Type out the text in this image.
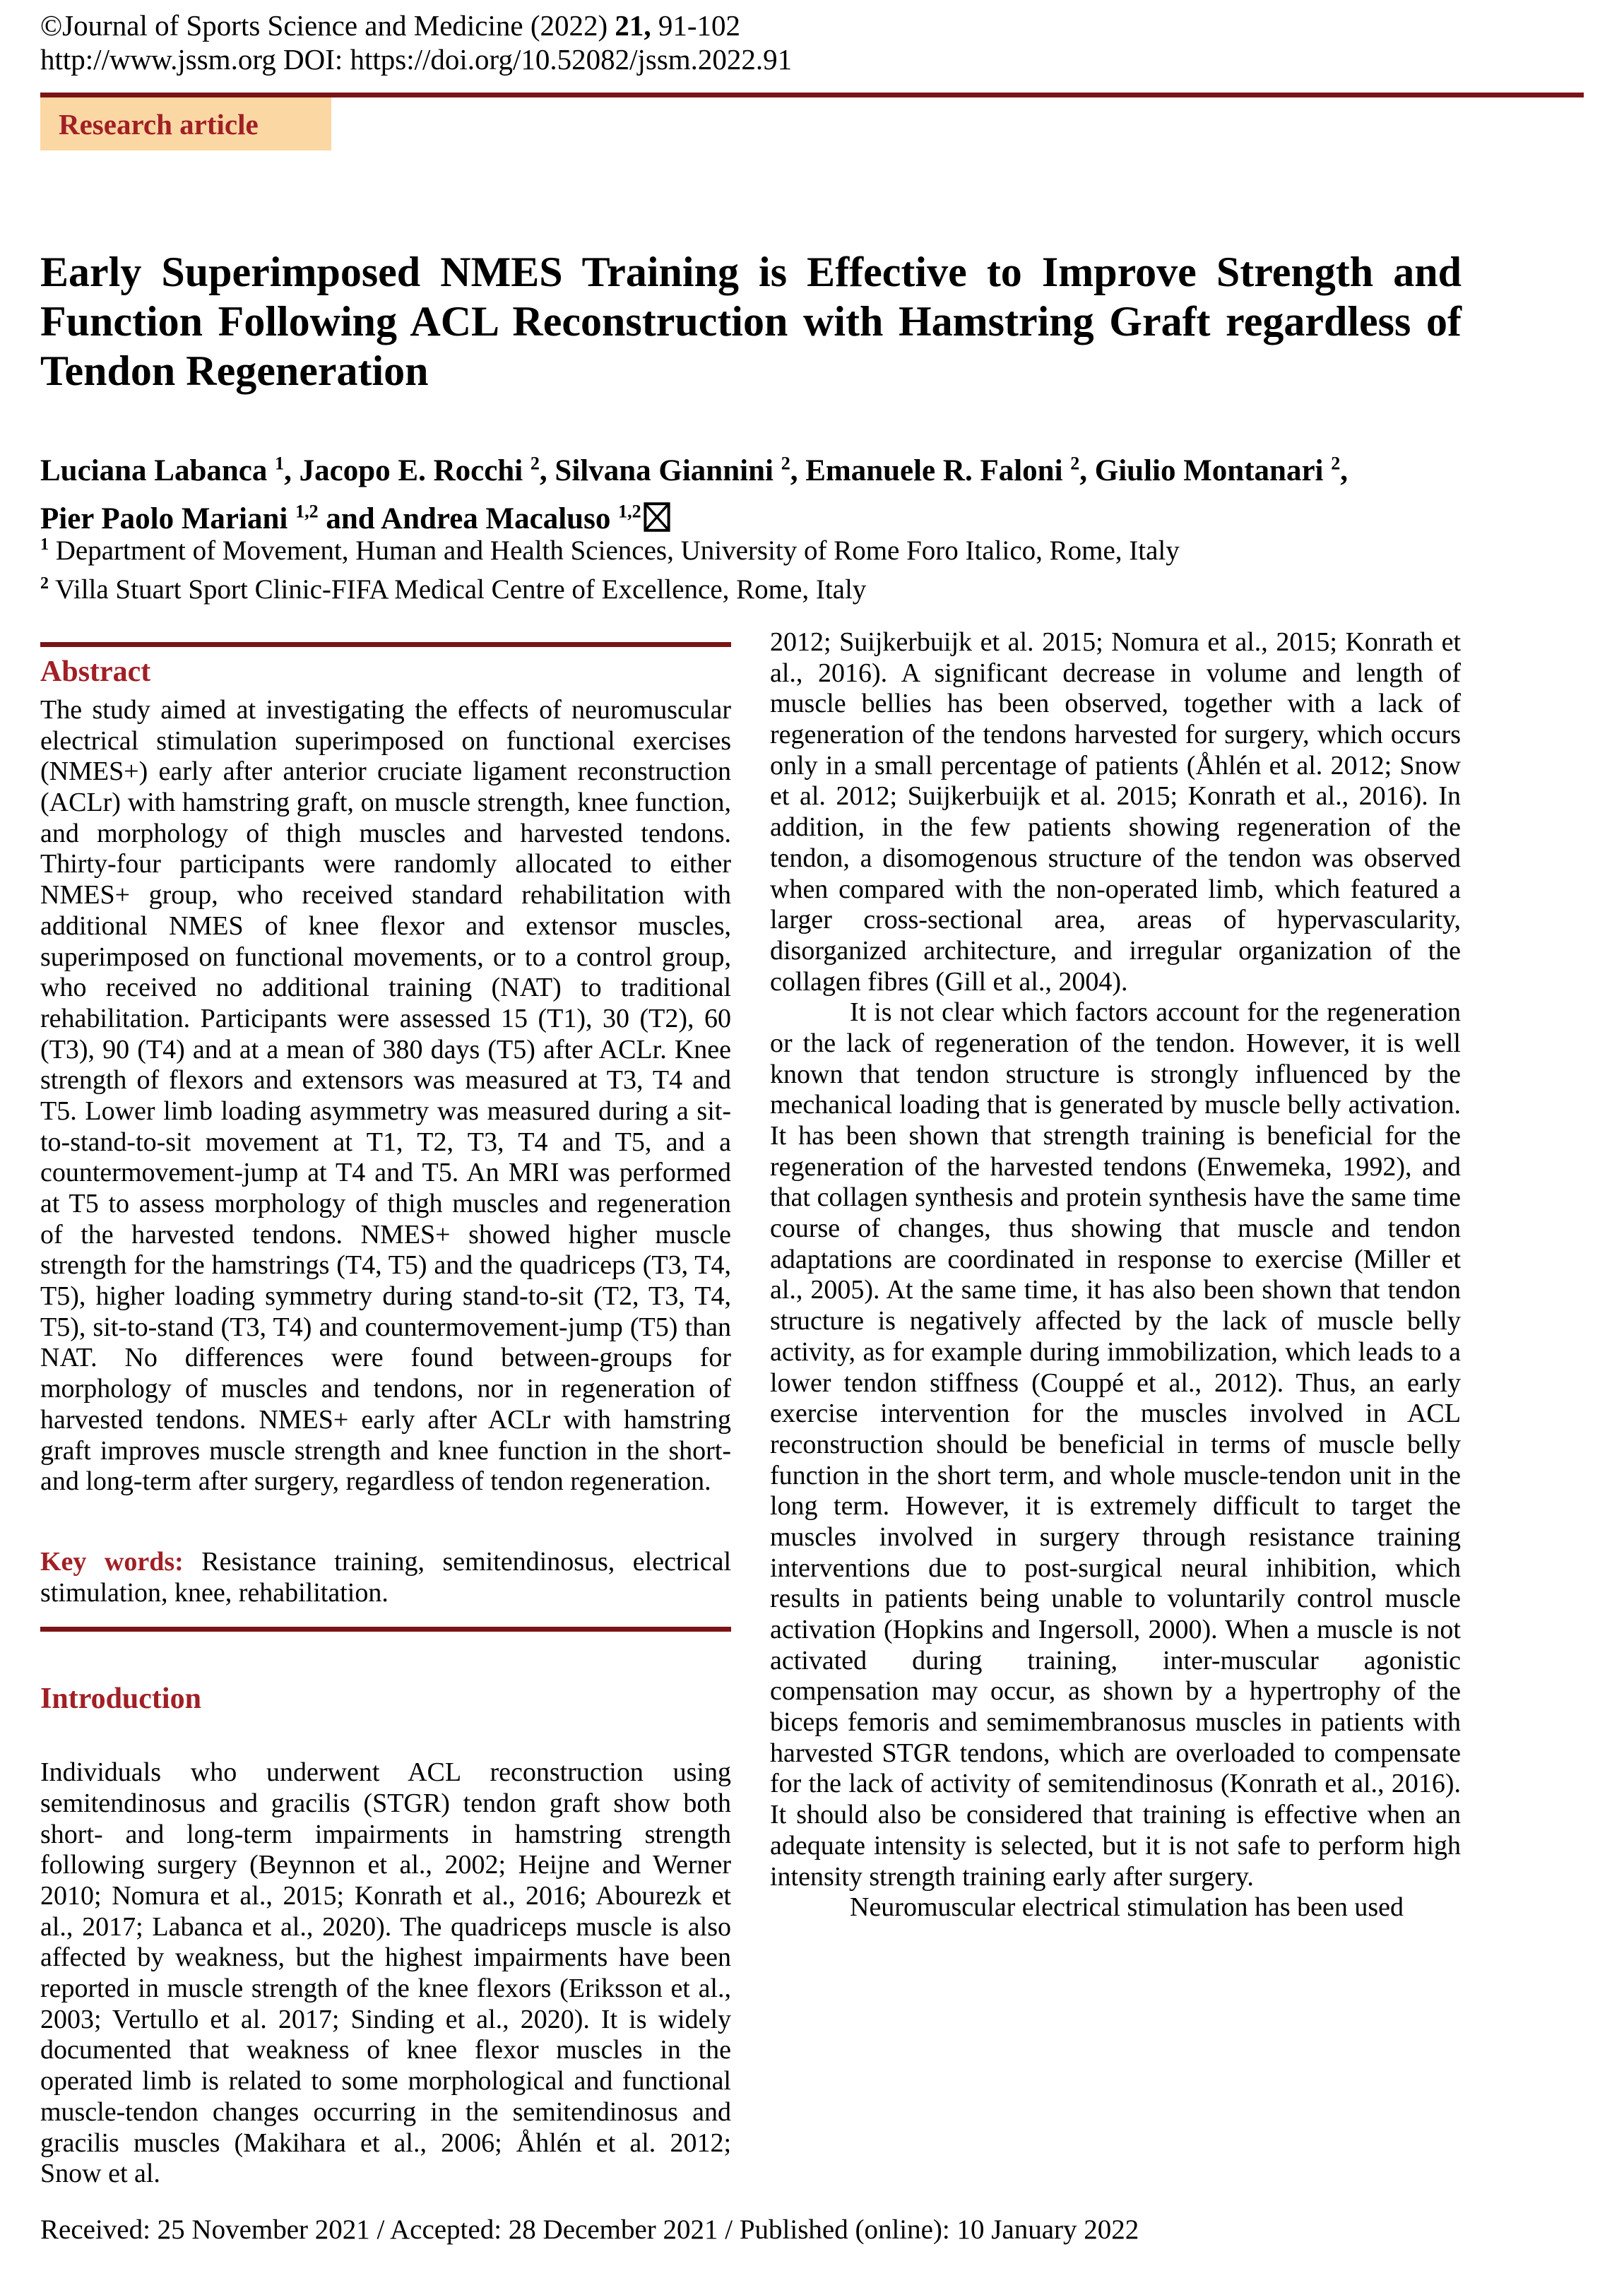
©Journal of Sports Science and Medicine (2022) 21, 91-102
http://www.jssm.org DOI: https://doi.org/10.52082/jssm.2022.91
Research article

Early Superimposed NMES Training is Effective to Improve Strength and Function Following ACL Reconstruction with Hamstring Graft regardless of Tendon Regeneration

Luciana Labanca $^1$, Jacopo E. Rocchi $^2$, Silvana Giannini $^2$, Emanuele R. Faloni $^2$, Giulio Montanari $^2$,
Pier Paolo Mariani $^{1,2}$ and Andrea Macaluso $^{1,2}$
$^1$ Department of Movement, Human and Health Sciences, University of Rome Foro Italico, Rome, Italy
$^2$ Villa Stuart Sport Clinic-FIFA Medical Centre of Excellence, Rome, Italy
Abstract

The study aimed at investigating the effects of neuromuscular electrical stimulation superimposed on functional exercises (NMES+) early after anterior cruciate ligament reconstruction (ACLr) with hamstring graft, on muscle strength, knee function, and morphology of thigh muscles and harvested tendons. Thirty-four participants were randomly allocated to either NMES+ group, who received standard rehabilitation with additional NMES of knee flexor and extensor muscles, superimposed on functional movements, or to a control group, who received no additional training (NAT) to traditional rehabilitation. Participants were assessed 15 (T1), 30 (T2), 60 (T3), 90 (T4) and at a mean of 380 days (T5) after ACLr. Knee strength of flexors and extensors was measured at T3, T4 and T5. Lower limb loading asymmetry was measured during a sit-to-stand-to-sit movement at T1, T2, T3, T4 and T5, and a countermovement-jump at T4 and T5. An MRI was performed at T5 to assess morphology of thigh muscles and regeneration of the harvested tendons. NMES+ showed higher muscle strength for the hamstrings (T4, T5) and the quadriceps (T3, T4, T5), higher loading symmetry during stand-to-sit (T2, T3, T4, T5), sit-to-stand (T3, T4) and countermovement-jump (T5) than NAT. No differences were found between-groups for morphology of muscles and tendons, nor in regeneration of harvested tendons. NMES+ early after ACLr with hamstring graft improves muscle strength and knee function in the short- and long-term after surgery, regardless of tendon regeneration.

Key words: Resistance training, semitendinosus, electrical stimulation, knee, rehabilitation.

Introduction

Individuals who underwent ACL reconstruction using semitendinosus and gracilis (STGR) tendon graft show both short- and long-term impairments in hamstring strength following surgery (Beynnon et al., 2002; Heijne and Werner 2010; Nomura et al., 2015; Konrath et al., 2016; Abourezk et al., 2017; Labanca et al., 2020). The quadriceps muscle is also affected by weakness, but the highest impairments have been reported in muscle strength of the knee flexors (Eriksson et al., 2003; Vertullo et al. 2017; Sinding et al., 2020). It is widely documented that weakness of knee flexor muscles in the operated limb is related to some morphological and functional muscle-tendon changes occurring in the semitendinosus and gracilis muscles (Makihara et al., 2006; Åhlén et al. 2012; Snow et al.

2012; Suijkerbuijk et al. 2015; Nomura et al., 2015; Konrath et al., 2016). A significant decrease in volume and length of muscle bellies has been observed, together with a lack of regeneration of the tendons harvested for surgery, which occurs only in a small percentage of patients (Åhlén et al. 2012; Snow et al. 2012; Suijkerbuijk et al. 2015; Konrath et al., 2016). In addition, in the few patients showing regeneration of the tendon, a disomogenous structure of the tendon was observed when compared with the non-operated limb, which featured a larger cross-sectional area, areas of hypervascularity, disorganized architecture, and irregular organization of the collagen fibres (Gill et al., 2004).

It is not clear which factors account for the regeneration or the lack of regeneration of the tendon. However, it is well known that tendon structure is strongly influenced by the mechanical loading that is generated by muscle belly activation. It has been shown that strength training is beneficial for the regeneration of the harvested tendons (Enwemeka, 1992), and that collagen synthesis and protein synthesis have the same time course of changes, thus showing that muscle and tendon adaptations are coordinated in response to exercise (Miller et al., 2005). At the same time, it has also been shown that tendon structure is negatively affected by the lack of muscle belly activity, as for example during immobilization, which leads to a lower tendon stiffness (Couppé et al., 2012). Thus, an early exercise intervention for the muscles involved in ACL reconstruction should be beneficial in terms of muscle belly function in the short term, and whole muscle-tendon unit in the long term. However, it is extremely difficult to target the muscles involved in surgery through resistance training interventions due to post-surgical neural inhibition, which results in patients being unable to voluntarily control muscle activation (Hopkins and Ingersoll, 2000). When a muscle is not activated during training, inter-muscular agonistic compensation may occur, as shown by a hypertrophy of the biceps femoris and semimembranosus muscles in patients with harvested STGR tendons, which are overloaded to compensate for the lack of activity of semitendinosus (Konrath et al., 2016). It should also be considered that training is effective when an adequate intensity is selected, but it is not safe to perform high intensity strength training early after surgery.

Neuromuscular electrical stimulation has been used

Received: 25 November 2021 / Accepted: 28 December 2021 / Published (online): 10 January 2022
